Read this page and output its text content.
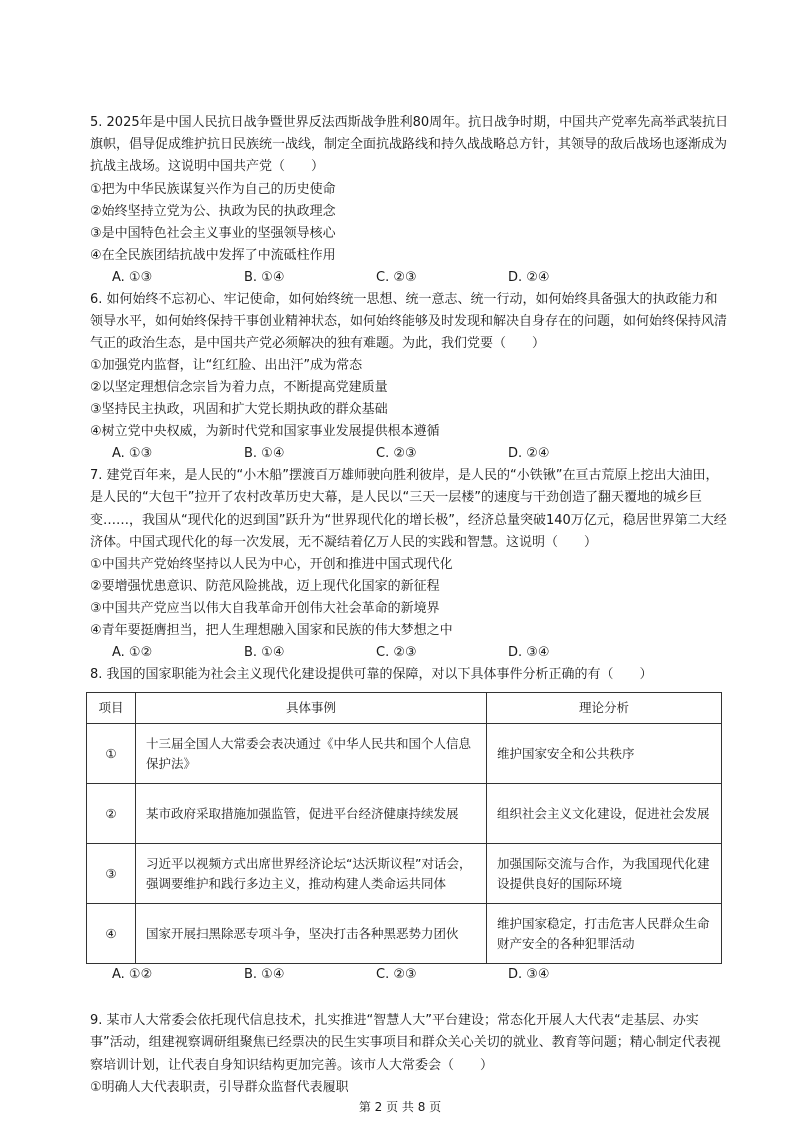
5. 2025年是中国人民抗日战争暨世界反法西斯战争胜利80周年。抗日战争时期，中国共产党率先高举武装抗日旗帜，倡导促成维护抗日民族统一战线，制定全面抗战路线和持久战战略总方针，其领导的敌后战场也逐渐成为抗战主战场。这说明中国共产党（　　）

①把为中华民族谋复兴作为自己的历史使命

②始终坚持立党为公、执政为民的执政理念

③是中国特色社会主义事业的坚强领导核心

④在全民族团结抗战中发挥了中流砥柱作用

A. ①③	B. ①④	C. ②③	D. ②④

6. 如何始终不忘初心、牢记使命，如何始终统一思想、统一意志、统一行动，如何始终具备强大的执政能力和领导水平，如何始终保持干事创业精神状态，如何始终能够及时发现和解决自身存在的问题，如何始终保持风清气正的政治生态，是中国共产党必须解决的独有难题。为此，我们党要（　　）

①加强党内监督，让“红红脸、出出汗”成为常态

②以坚定理想信念宗旨为着力点，不断提高党建质量

③坚持民主执政，巩固和扩大党长期执政的群众基础

④树立党中央权威，为新时代党和国家事业发展提供根本遵循

A. ①③	B. ①④	C. ②③	D. ②④

7. 建党百年来，是人民的“小木船”摆渡百万雄师驶向胜利彼岸，是人民的“小铁锹”在亘古荒原上挖出大油田，是人民的“大包干”拉开了农村改革历史大幕，是人民以“三天一层楼”的速度与干劲创造了翻天覆地的城乡巨变……，我国从“现代化的迟到国”跃升为“世界现代化的增长极”，经济总量突破140万亿元，稳居世界第二大经济体。中国式现代化的每一次发展，无不凝结着亿万人民的实践和智慧。这说明（　　）

①中国共产党始终坚持以人民为中心，开创和推进中国式现代化

②要增强忧患意识、防范风险挑战，迈上现代化国家的新征程

③中国共产党应当以伟大自我革命开创伟大社会革命的新境界

④青年要挺膺担当，把人生理想融入国家和民族的伟大梦想之中

A. ①②	B. ①④	C. ②③	D. ③④

8. 我国的国家职能为社会主义现代化建设提供可靠的保障，对以下具体事件分析正确的有（　　）

项目	具体事例	理论分析
①	十三届全国人大常委会表决通过《中华人民共和国个人信息保护法》	维护国家安全和公共秩序
②	某市政府采取措施加强监管，促进平台经济健康持续发展	组织社会主义文化建设，促进社会发展
③	习近平以视频方式出席世界经济论坛“达沃斯议程”对话会，强调要维护和践行多边主义，推动构建人类命运共同体	加强国际交流与合作，为我国现代化建设提供良好的国际环境
④	国家开展扫黑除恶专项斗争，坚决打击各种黑恶势力团伙	维护国家稳定，打击危害人民群众生命财产安全的各种犯罪活动
A. ①②	B. ①④	C. ②③	D. ③④

9. 某市人大常委会依托现代信息技术，扎实推进“智慧人大”平台建设；常态化开展人大代表“走基层、办实事”活动，组建视察调研组聚焦已经票决的民生实事项目和群众关心关切的就业、教育等问题；精心制定代表视察培训计划，让代表自身知识结构更加完善。该市人大常委会（　　）

①明确人大代表职责，引导群众监督代表履职

第 2 页 共 8 页
